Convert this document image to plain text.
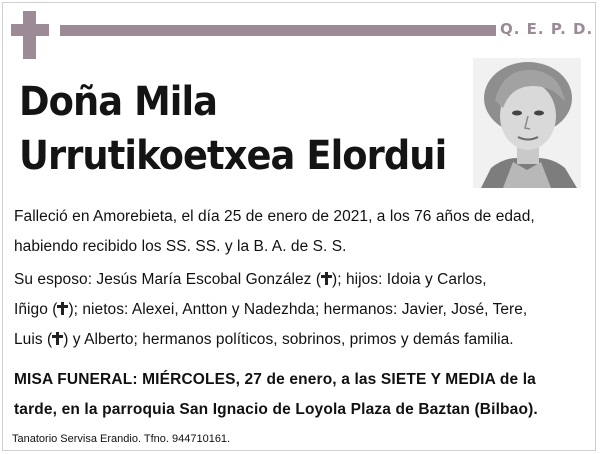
Q. E. P. D.
Doña Mila
Urrutikoetxea Elordui
Falleció en Amorebieta, el día 25 de enero de 2021, a los 76 años de edad,
habiendo recibido los SS. SS. y la B. A. de S. S.
Su esposo: Jesús María Escobal González ( ); hijos: Idoia y Carlos,
Iñigo ( ); nietos: Alexei, Antton y Nadezhda; hermanos: Javier, José, Tere,
Luis ( ) y Alberto; hermanos políticos, sobrinos, primos y demás familia.
MISA FUNERAL: MIÉRCOLES, 27 de enero, a las SIETE Y MEDIA de la
tarde, en la parroquia San Ignacio de Loyola Plaza de Baztan (Bilbao).
Tanatorio Servisa Erandio. Tfno. 944710161.
